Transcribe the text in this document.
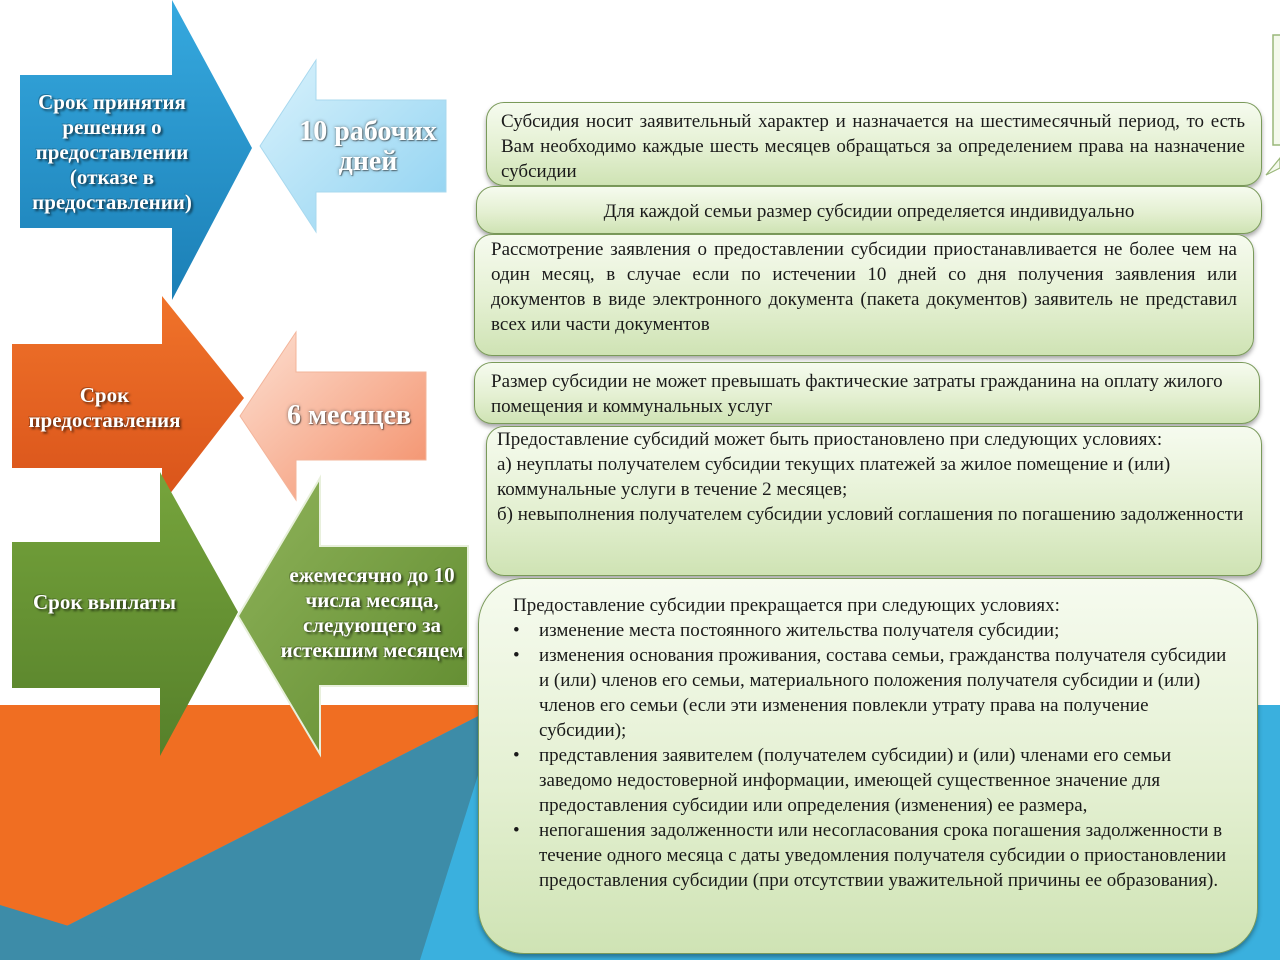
Срок принятия решения о предоставлении (отказе в предоставлении)
10 рабочих дней
Срок предоставления	6 месяцев
Срок выплаты
ежемесячно до 10 числа месяца, следующего за истекшим месяцем

Субсидия носит заявительный характер и назначается на шестимесячный период, то есть Вам необходимо каждые шесть месяцев обращаться за определением права на назначение субсидии

Для каждой семьи размер субсидии определяется индивидуально

Рассмотрение заявления о предоставлении субсидии приостанавливается не более чем на один месяц, в случае если по истечении 10 дней со дня получения заявления или документов в виде электронного документа (пакета документов) заявитель не представил всех или части документов

Размер субсидии не может превышать фактические затраты гражданина на оплату жилого помещения и коммунальных услуг

Предоставление субсидий может быть приостановлено при следующих условиях:

а) неуплаты получателем субсидии текущих платежей за жилое помещение и (или) коммунальные услуги в течение 2 месяцев;

б) невыполнения получателем субсидии условий соглашения по погашению задолженности

Предоставление субсидии прекращается при следующих условиях:

• изменение места постоянного жительства получателя субсидии;
• изменения основания проживания, состава семьи, гражданства получателя субсидии и (или) членов его семьи, материального положения получателя субсидии и (или) членов его семьи (если эти изменения повлекли утрату права на получение субсидии);
• представления заявителем (получателем субсидии) и (или) членами его семьи заведомо недостоверной информации, имеющей существенное значение для предоставления субсидии или определения (изменения) ее размера,
• непогашения задолженности или несогласования срока погашения задолженности в течение одного месяца с даты уведомления получателя субсидии о приостановлении предоставления субсидии (при отсутствии уважительной причины ее образования).
